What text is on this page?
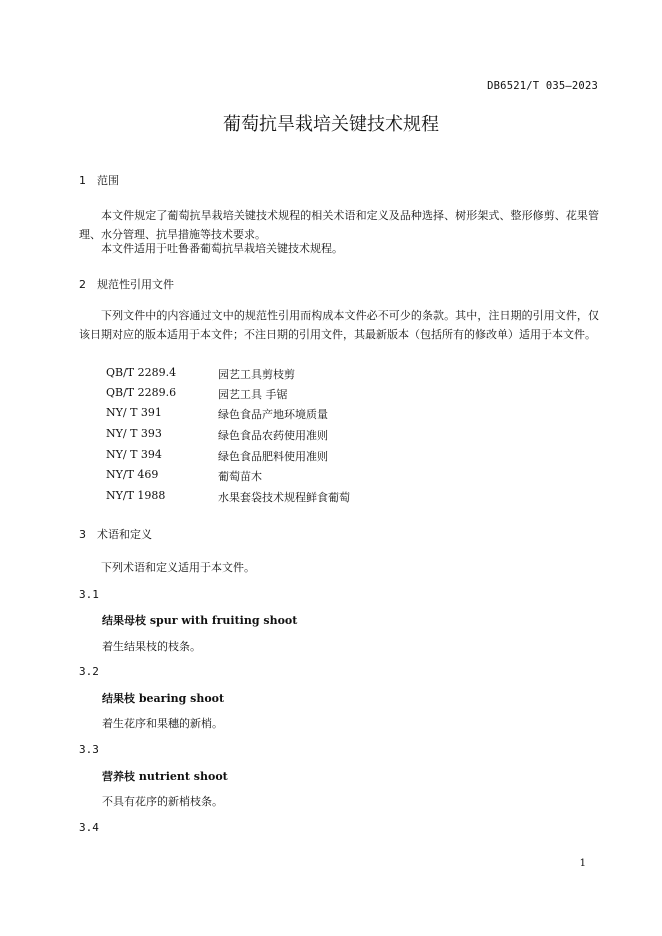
DB6521/T 035—2023
葡萄抗旱栽培关键技术规程
1 范围
本文件规定了葡萄抗旱栽培关键技术规程的相关术语和定义及品种选择、树形架式、整形修剪、花果管理、水分管理、抗旱措施等技术要求。
本文件适用于吐鲁番葡萄抗旱栽培关键技术规程。
2 规范性引用文件
下列文件中的内容通过文中的规范性引用而构成本文件必不可少的条款。其中，注日期的引用文件，仅该日期对应的版本适用于本文件；不注日期的引用文件，其最新版本（包括所有的修改单）适用于本文件。
QB/T 2289.4	园艺工具剪枝剪
QB/T 2289.6	园艺工具 手锯
NY/ T 391	绿色食品产地环境质量
NY/ T 393	绿色食品农药使用准则
NY/ T 394	绿色食品肥料使用准则
NY/T 469	葡萄苗木
NY/T 1988	水果套袋技术规程鲜食葡萄
3 术语和定义
下列术语和定义适用于本文件。
3.1
结果母枝 spur with fruiting shoot
着生结果枝的枝条。
3.2
结果枝 bearing shoot
着生花序和果穗的新梢。
3.3
营养枝 nutrient shoot
不具有花序的新梢枝条。
3.4
1
